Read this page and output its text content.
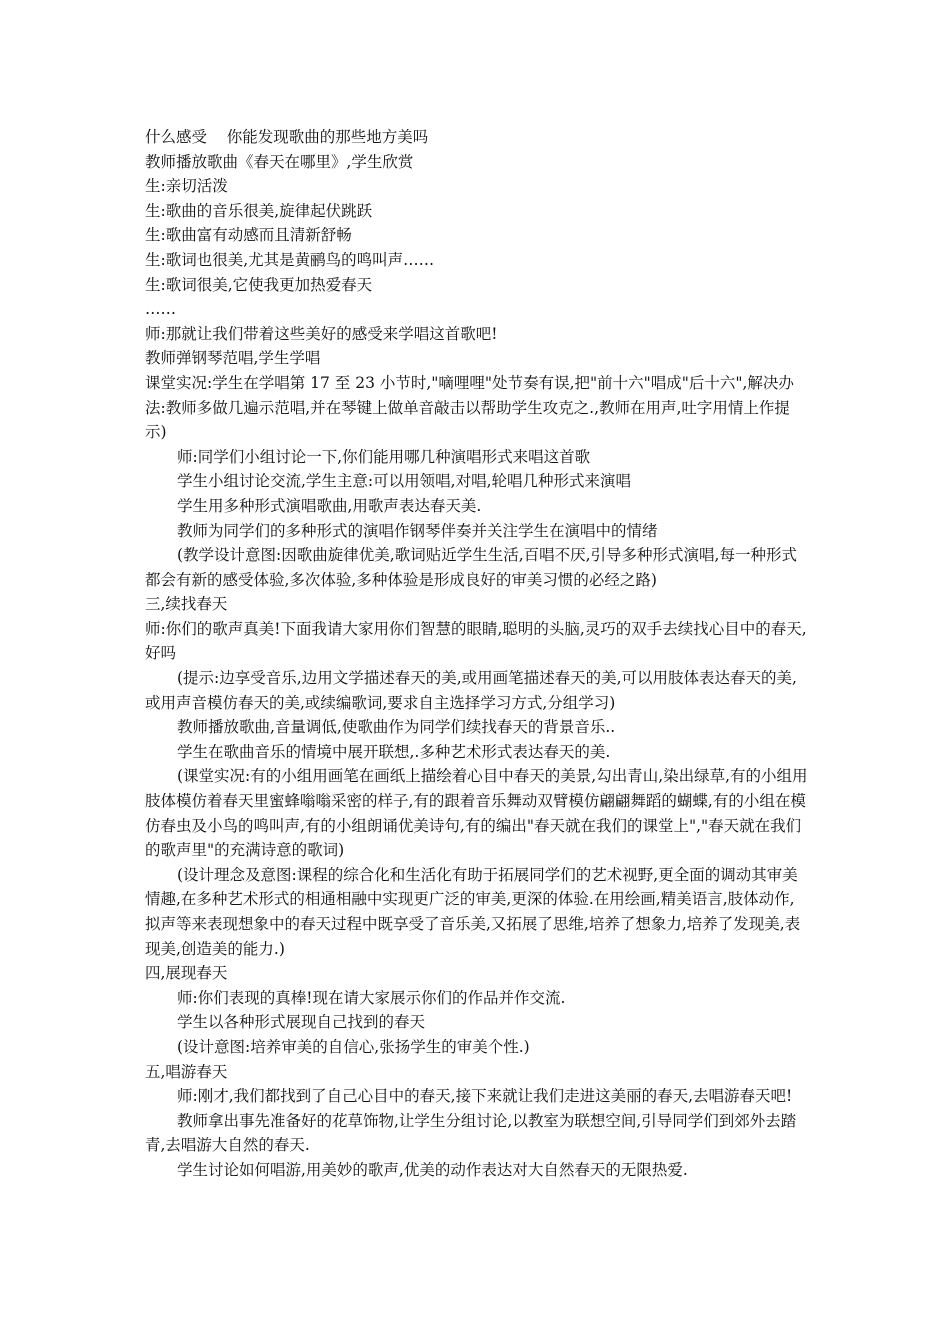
什么感受    你能发现歌曲的那些地方美吗
教师播放歌曲《春天在哪里》,学生欣赏
生:亲切活泼
生:歌曲的音乐很美,旋律起伏跳跃
生:歌曲富有动感而且清新舒畅
生:歌词也很美,尤其是黄鹂鸟的鸣叫声……
生:歌词很美,它使我更加热爱春天
……
师:那就让我们带着这些美好的感受来学唱这首歌吧!
教师弹钢琴范唱,学生学唱
课堂实况:学生在学唱第 17 至 23 小节时,"嘀哩哩"处节奏有误,把"前十六"唱成"后十六",解决办法:教师多做几遍示范唱,并在琴键上做单音敲击以帮助学生攻克之.,教师在用声,吐字用情上作提示)
师:同学们小组讨论一下,你们能用哪几种演唱形式来唱这首歌
学生小组讨论交流,学生主意:可以用领唱,对唱,轮唱几种形式来演唱
学生用多种形式演唱歌曲,用歌声表达春天美.
教师为同学们的多种形式的演唱作钢琴伴奏并关注学生在演唱中的情绪
(教学设计意图:因歌曲旋律优美,歌词贴近学生生活,百唱不厌,引导多种形式演唱,每一种形式都会有新的感受体验,多次体验,多种体验是形成良好的审美习惯的必经之路)
三,续找春天
师:你们的歌声真美!下面我请大家用你们智慧的眼睛,聪明的头脑,灵巧的双手去续找心目中的春天,好吗
(提示:边享受音乐,边用文学描述春天的美,或用画笔描述春天的美,可以用肢体表达春天的美,或用声音模仿春天的美,或续编歌词,要求自主选择学习方式,分组学习)
教师播放歌曲,音量调低,使歌曲作为同学们续找春天的背景音乐..
学生在歌曲音乐的情境中展开联想,.多种艺术形式表达春天的美.
(课堂实况:有的小组用画笔在画纸上描绘着心目中春天的美景,勾出青山,染出绿草,有的小组用肢体模仿着春天里蜜蜂嗡嗡采密的样子,有的跟着音乐舞动双臂模仿翩翩舞蹈的蝴蝶,有的小组在模仿春虫及小鸟的鸣叫声,有的小组朗诵优美诗句,有的编出"春天就在我们的课堂上","春天就在我们的歌声里"的充满诗意的歌词)
(设计理念及意图:课程的综合化和生活化有助于拓展同学们的艺术视野,更全面的调动其审美情趣,在多种艺术形式的相通相融中实现更广泛的审美,更深的体验.在用绘画,精美语言,肢体动作,拟声等来表现想象中的春天过程中既享受了音乐美,又拓展了思维,培养了想象力,培养了发现美,表现美,创造美的能力.)
四,展现春天
师:你们表现的真棒!现在请大家展示你们的作品并作交流.
学生以各种形式展现自己找到的春天
(设计意图:培养审美的自信心,张扬学生的审美个性.)
五,唱游春天
师:刚才,我们都找到了自己心目中的春天,接下来就让我们走进这美丽的春天,去唱游春天吧!
教师拿出事先准备好的花草饰物,让学生分组讨论,以教室为联想空间,引导同学们到郊外去踏青,去唱游大自然的春天.
学生讨论如何唱游,用美妙的歌声,优美的动作表达对大自然春天的无限热爱.
